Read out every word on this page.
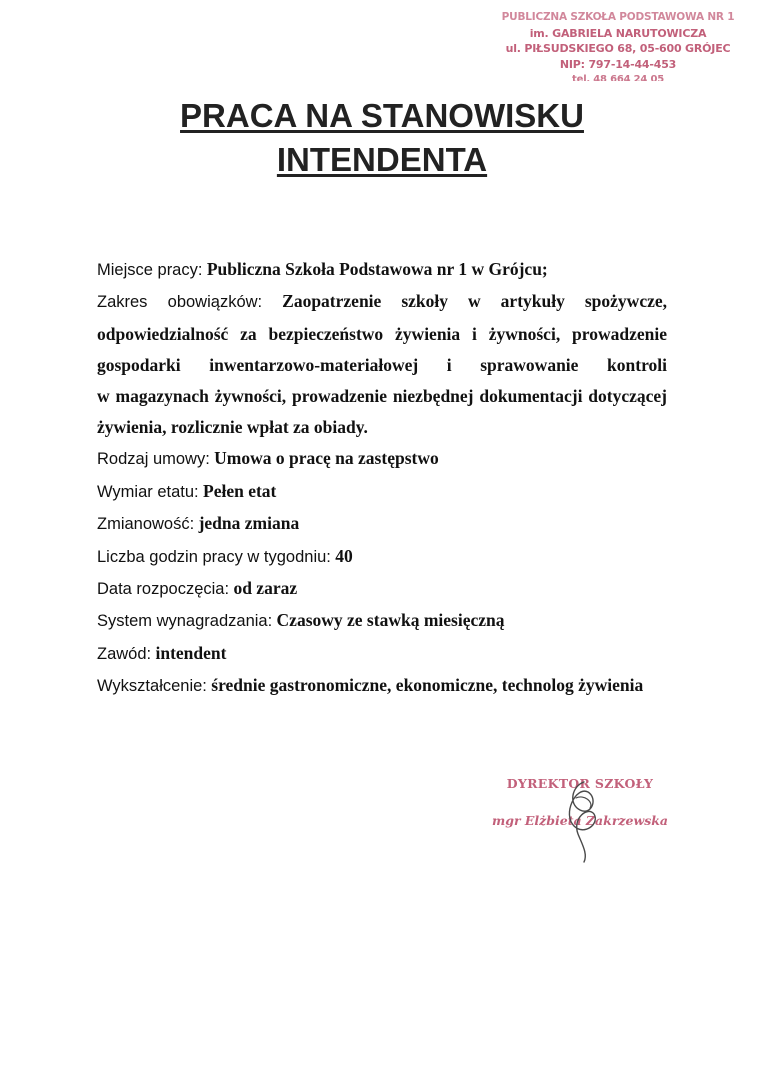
PUBLICZNA SZKOŁA PODSTAWOWA NR 1
im. GABRIELA NARUTOWICZA
ul. PIŁSUDSKIEGO 68, 05-600 GRÓJEC
NIP: 797-14-44-453
tel. 48 664 24 05
PRACA NA STANOWISKU
INTENDENTA
Miejsce pracy: Publiczna Szkoła Podstawowa nr 1 w Grójcu;
Zakres obowiązków: Zaopatrzenie szkoły w artykuły spożywcze,
odpowiedzialność za bezpieczeństwo żywienia i żywności, prowadzenie
gospodarki inwentarzowo-materiałowej i sprawowanie kontroli
w magazynach żywności, prowadzenie niezbędnej dokumentacji dotyczącej
żywienia, rozlicznie wpłat za obiady.
Rodzaj umowy: Umowa o pracę na zastępstwo
Wymiar etatu: Pełen etat
Zmianowość: jedna zmiana
Liczba godzin pracy w tygodniu: 40
Data rozpoczęcia: od zaraz
System wynagradzania: Czasowy ze stawką miesięczną
Zawód: intendent
Wykształcenie: średnie gastronomiczne, ekonomiczne, technolog żywienia
DYREKTOR SZKOŁY
mgr Elżbieta Zakrzewska
